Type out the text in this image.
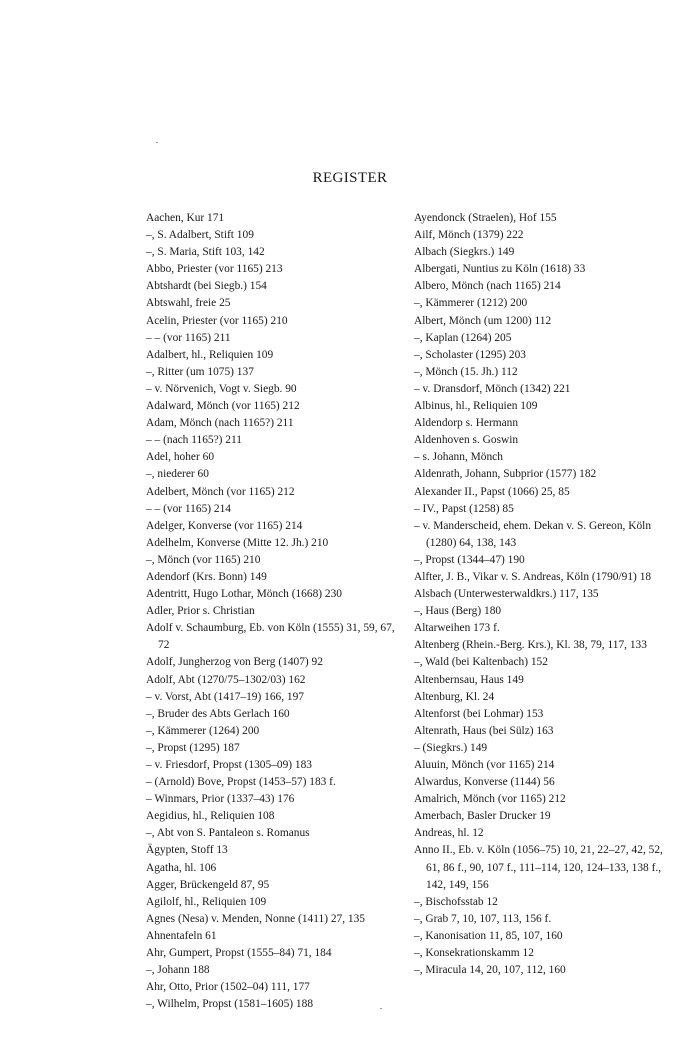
REGISTER
Aachen, Kur 171
–, S. Adalbert, Stift 109
–, S. Maria, Stift 103, 142
Abbo, Priester (vor 1165) 213
Abtshardt (bei Siegb.) 154
Abtswahl, freie 25
Acelin, Priester (vor 1165) 210
– – (vor 1165) 211
Adalbert, hl., Reliquien 109
–, Ritter (um 1075) 137
– v. Nörvenich, Vogt v. Siegb. 90
Adalward, Mönch (vor 1165) 212
Adam, Mönch (nach 1165?) 211
– – (nach 1165?) 211
Adel, hoher 60
–, niederer 60
Adelbert, Mönch (vor 1165) 212
– – (vor 1165) 214
Adelger, Konverse (vor 1165) 214
Adelhelm, Konverse (Mitte 12. Jh.) 210
–, Mönch (vor 1165) 210
Adendorf (Krs. Bonn) 149
Adentritt, Hugo Lothar, Mönch (1668) 230
Adler, Prior s. Christian
Adolf v. Schaumburg, Eb. von Köln (1555) 31, 59, 67, 72
Adolf, Jungherzog von Berg (1407) 92
Adolf, Abt (1270/75–1302/03) 162
– v. Vorst, Abt (1417–19) 166, 197
–, Bruder des Abts Gerlach 160
–, Kämmerer (1264) 200
–, Propst (1295) 187
– v. Friesdorf, Propst (1305–09) 183
– (Arnold) Bove, Propst (1453–57) 183 f.
– Winmars, Prior (1337–43) 176
Aegidius, hl., Reliquien 108
–, Abt von S. Pantaleon s. Romanus
Ägypten, Stoff 13
Agatha, hl. 106
Agger, Brückengeld 87, 95
Agilolf, hl., Reliquien 109
Agnes (Nesa) v. Menden, Nonne (1411) 27, 135
Ahnentafeln 61
Ahr, Gumpert, Propst (1555–84) 71, 184
–, Johann 188
Ahr, Otto, Prior (1502–04) 111, 177
–, Wilhelm, Propst (1581–1605) 188
Ayendonck (Straelen), Hof 155
Ailf, Mönch (1379) 222
Albach (Siegkrs.) 149
Albergati, Nuntius zu Köln (1618) 33
Albero, Mönch (nach 1165) 214
–, Kämmerer (1212) 200
Albert, Mönch (um 1200) 112
–, Kaplan (1264) 205
–, Scholaster (1295) 203
–, Mönch (15. Jh.) 112
– v. Dransdorf, Mönch (1342) 221
Albinus, hl., Reliquien 109
Aldendorp s. Hermann
Aldenhoven s. Goswin
– s. Johann, Mönch
Aldenrath, Johann, Subprior (1577) 182
Alexander II., Papst (1066) 25, 85
– IV., Papst (1258) 85
– v. Manderscheid, ehem. Dekan v. S. Gereon, Köln (1280) 64, 138, 143
–, Propst (1344–47) 190
Alfter, J. B., Vikar v. S. Andreas, Köln (1790/91) 18
Alsbach (Unterwesterwaldkrs.) 117, 135
–, Haus (Berg) 180
Altarweihen 173 f.
Altenberg (Rhein.-Berg. Krs.), Kl. 38, 79, 117, 133
–, Wald (bei Kaltenbach) 152
Altenbernsau, Haus 149
Altenburg, Kl. 24
Altenforst (bei Lohmar) 153
Altenrath, Haus (bei Sülz) 163
– (Siegkrs.) 149
Aluuin, Mönch (vor 1165) 214
Alwardus, Konverse (1144) 56
Amalrich, Mönch (vor 1165) 212
Amerbach, Basler Drucker 19
Andreas, hl. 12
Anno II., Eb. v. Köln (1056–75) 10, 21, 22–27, 42, 52, 61, 86 f., 90, 107 f., 111–114, 120, 124–133, 138 f., 142, 149, 156
–, Bischofsstab 12
–, Grab 7, 10, 107, 113, 156 f.
–, Kanonisation 11, 85, 107, 160
–, Konsekrationskamm 12
–, Miracula 14, 20, 107, 112, 160
